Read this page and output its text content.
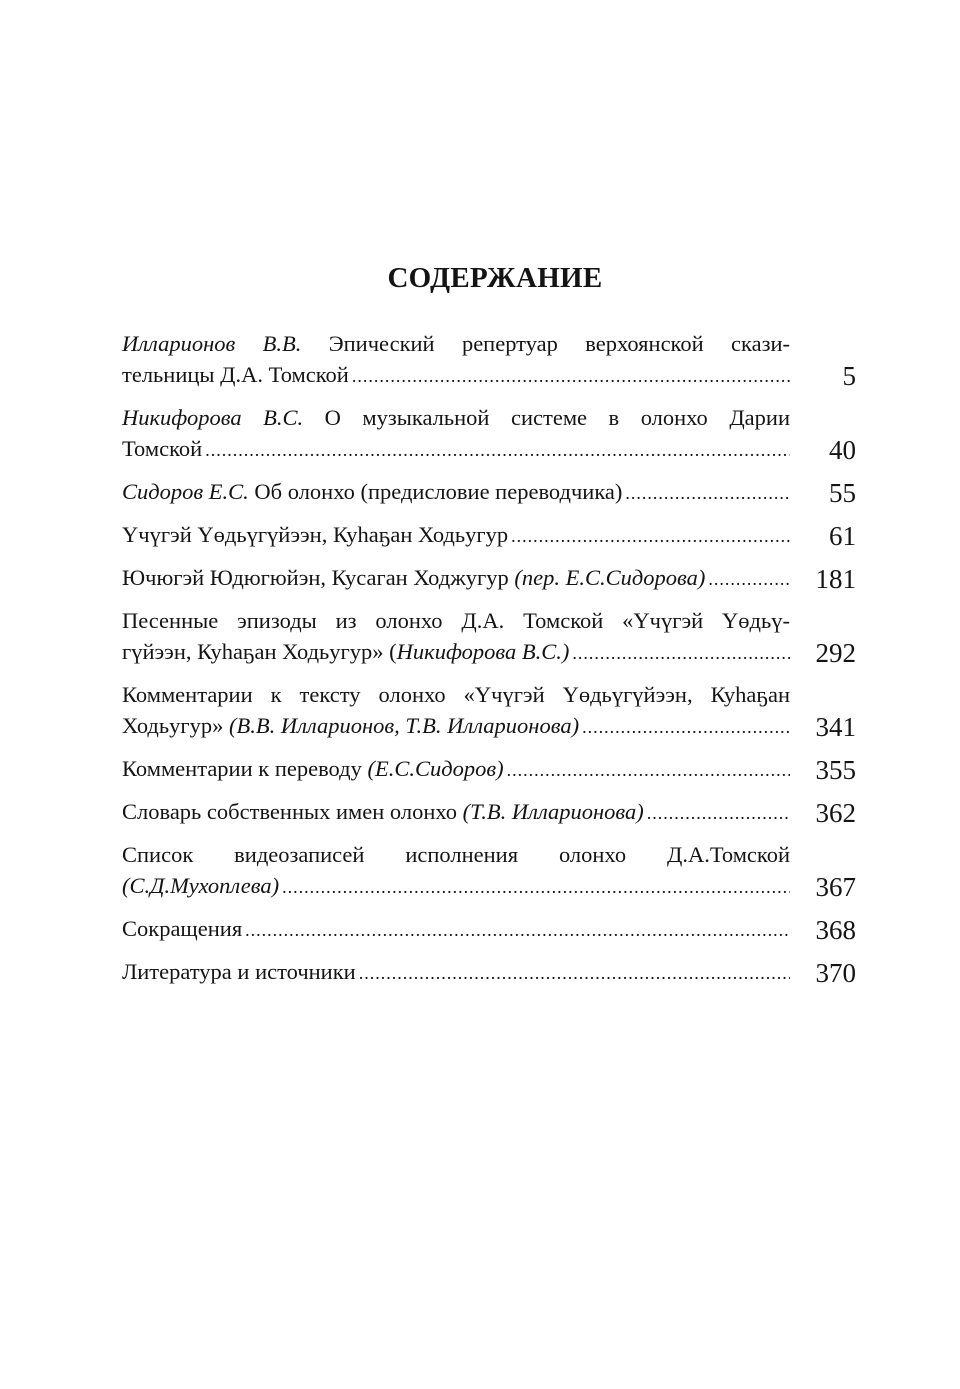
СОДЕРЖАНИЕ
Илларионов В.В. Эпический репертуар верхоянской скази-
тельницы Д.А. Томской .....	5
Никифорова В.С. О музыкальной системе в олонхо Дарии
Томской .....	40
Сидоров Е.С.
Об олонхо (предисловие переводчика) .....	55
Үчүгэй Үөдьүгүйээн, Куһаҕан Ходьугур .....	61
Ючюгэй Юдюгюйэн, Кусаган Ходжугур
(пер. Е.С.Сидорова) .....	181
Песенные эпизоды из олонхо Д.А. Томской «Үчүгэй Үөдьү-
гүйээн, Куһаҕан Ходьугур» ( Никифорова В.С.) .....	292
Комментарии к тексту олонхо «Үчүгэй Үөдьүгүйээн, Куһаҕан
Ходьугур»
(В.В. Илларионов, Т.В. Илларионова) .....	341
Комментарии к переводу
(Е.С.Сидоров) .....	355
Словарь собственных имен олонхо
(Т.В. Илларионова) .....	362
Список видеозаписей исполнения олонхо Д.А.Томской
(С.Д.Мухоплева) .....	367
Сокращения .....	368
Литература и источники .....	370
